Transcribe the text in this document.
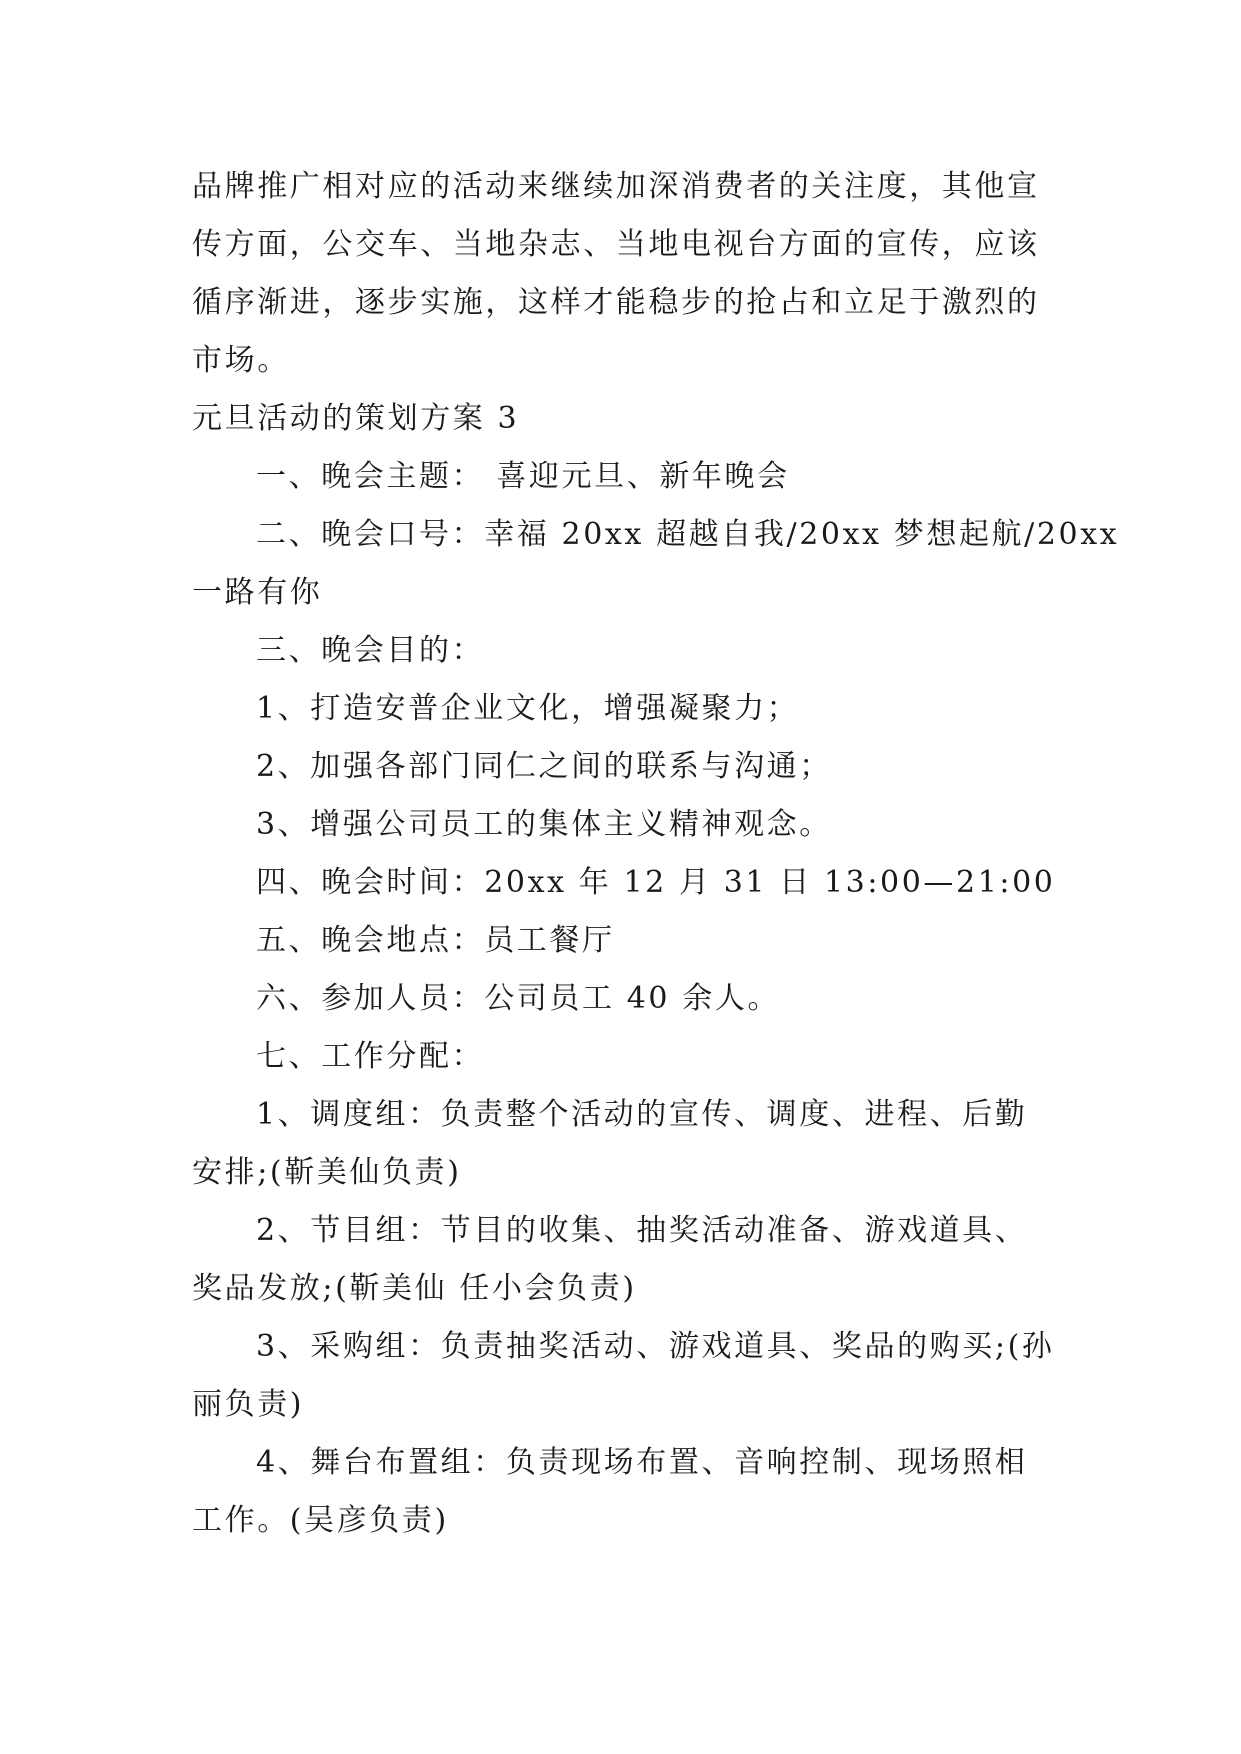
品牌推广相对应的活动来继续加深消费者的关注度，其他宣
传方面，公交车、当地杂志、当地电视台方面的宣传，应该
循序渐进，逐步实施，这样才能稳步的抢占和立足于激烈的
市场。

元旦活动的策划方案 3

一、晚会主题： 喜迎元旦、新年晚会

二、晚会口号：幸福 20xx 超越自我/20xx 梦想起航/20xx
一路有你

三、晚会目的：

1、打造安普企业文化，增强凝聚力；

2、加强各部门同仁之间的联系与沟通；

3、增强公司员工的集体主义精神观念。

四、晚会时间：20xx 年 12 月 31 日 13:00—21:00

五、晚会地点：员工餐厅

六、参加人员：公司员工 40 余人。

七、工作分配：

1、调度组：负责整个活动的宣传、调度、进程、后勤
安排;(靳美仙负责)

2、节目组：节目的收集、抽奖活动准备、游戏道具、
奖品发放;(靳美仙 任小会负责)

3、采购组：负责抽奖活动、游戏道具、奖品的购买;(孙
丽负责)

4、舞台布置组：负责现场布置、音响控制、现场照相
工作。(吴彦负责)
